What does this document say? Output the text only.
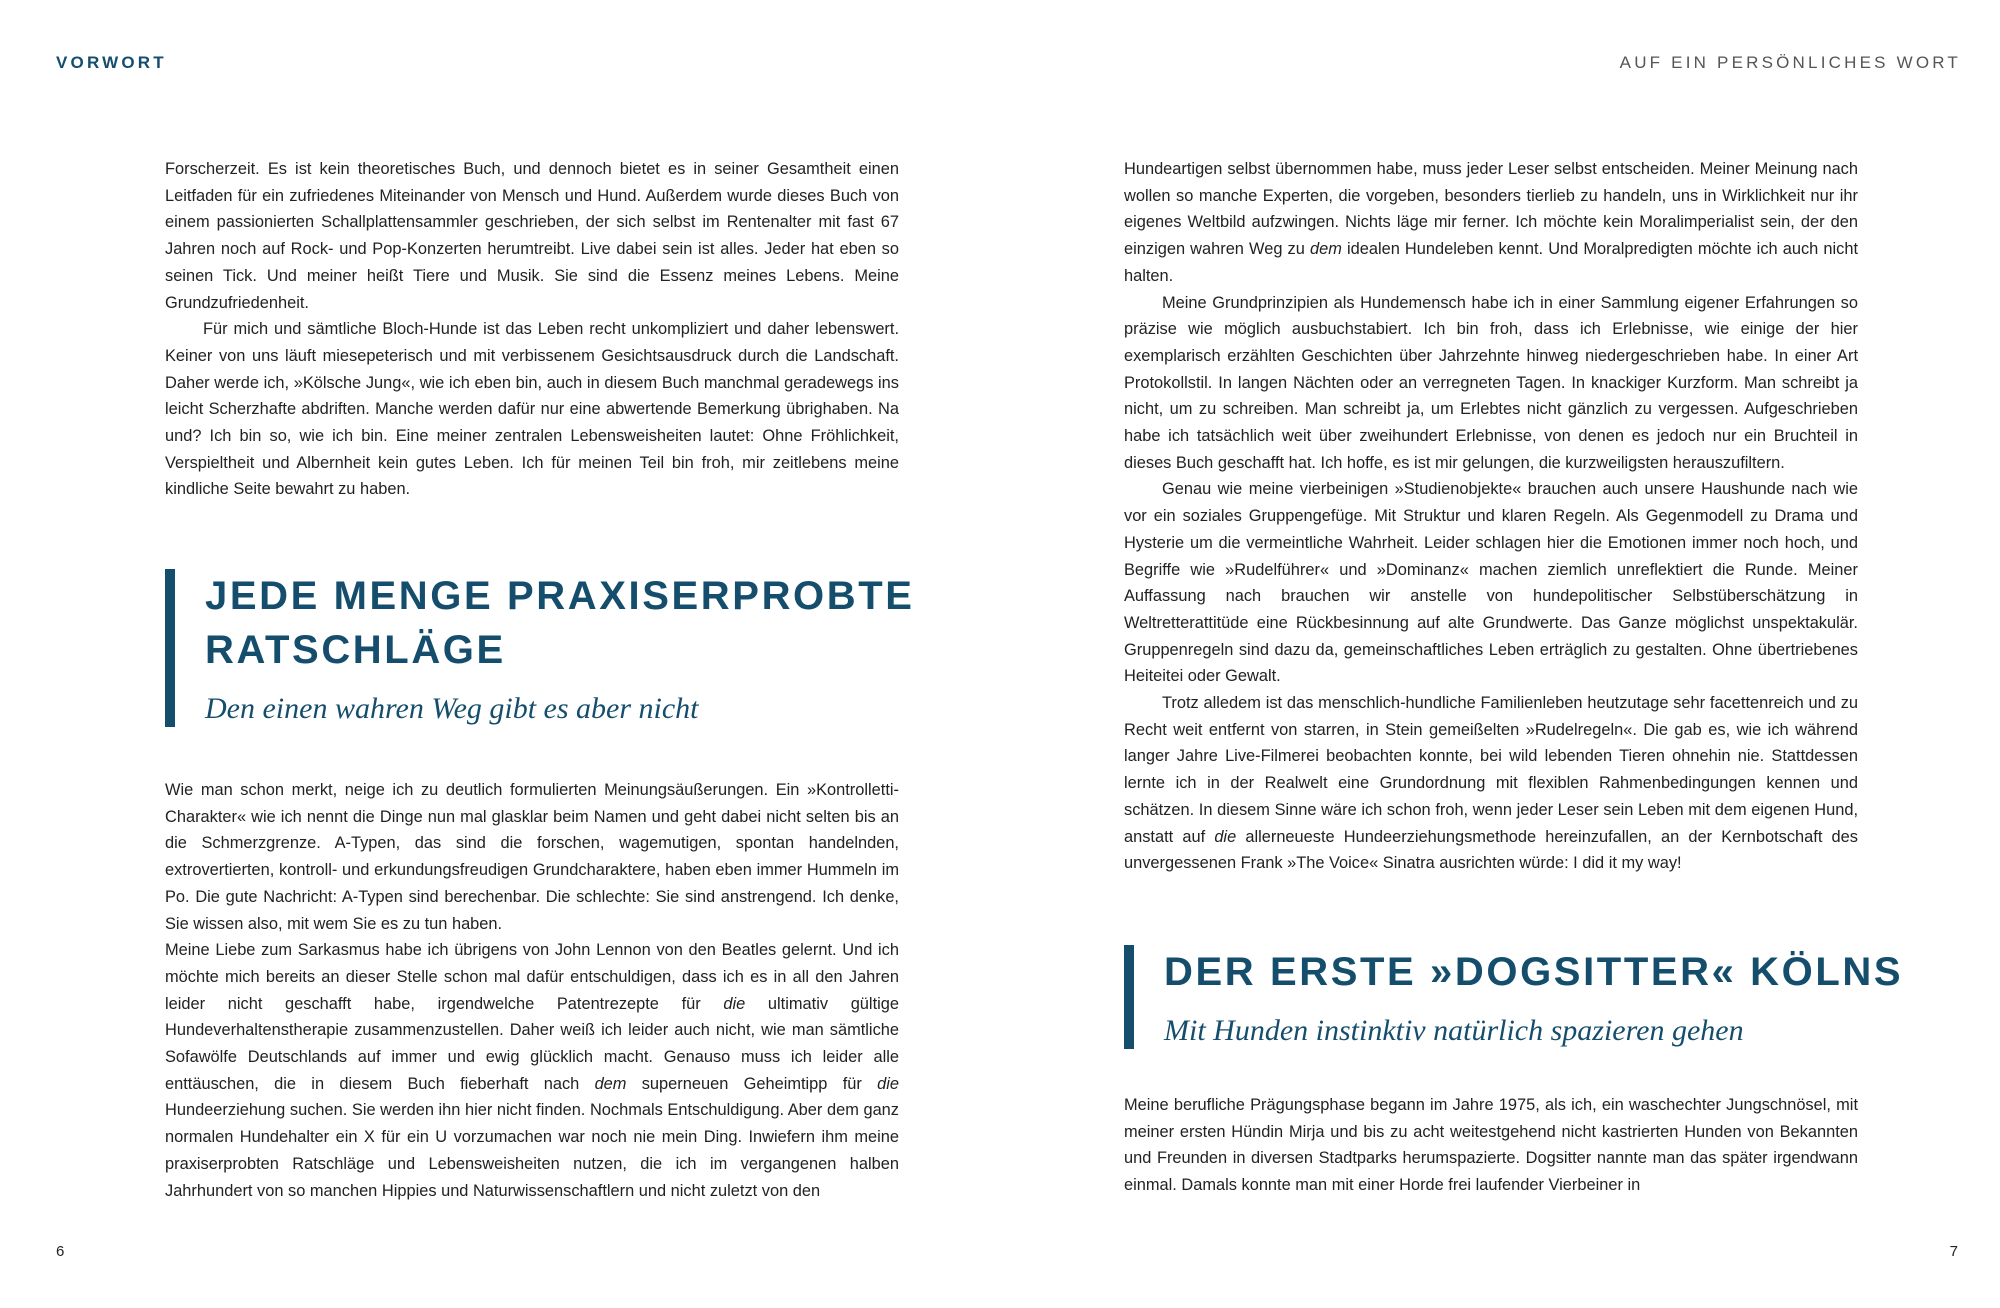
VORWORT

Forscherzeit. Es ist kein theoretisches Buch, und dennoch bietet es in seiner Gesamtheit einen Leitfaden für ein zufriedenes Miteinander von Mensch und Hund. Außerdem wurde dieses Buch von einem passionierten Schallplattensammler geschrieben, der sich selbst im Rentenalter mit fast 67 Jahren noch auf Rock- und Pop-Konzerten herumtreibt. Live dabei sein ist alles. Jeder hat eben so seinen Tick. Und meiner heißt Tiere und Musik. Sie sind die Essenz meines Lebens. Meine Grundzufriedenheit.

Für mich und sämtliche Bloch-Hunde ist das Leben recht unkompliziert und daher lebenswert. Keiner von uns läuft miesepeterisch und mit verbissenem Gesichtsausdruck durch die Landschaft. Daher werde ich, »Kölsche Jung«, wie ich eben bin, auch in diesem Buch manchmal geradewegs ins leicht Scherzhafte abdriften. Manche werden dafür nur eine abwertende Bemerkung übrighaben. Na und? Ich bin so, wie ich bin. Eine meiner zentralen Lebensweisheiten lautet: Ohne Fröhlichkeit, Verspieltheit und Albernheit kein gutes Leben. Ich für meinen Teil bin froh, mir zeitlebens meine kindliche Seite bewahrt zu haben.

JEDE MENGE PRAXISERPROBTE
RATSCHLÄGE
Den einen wahren Weg gibt es aber nicht

Wie man schon merkt, neige ich zu deutlich formulierten Meinungsäußerungen. Ein »Kontrolletti-Charakter« wie ich nennt die Dinge nun mal glasklar beim Namen und geht dabei nicht selten bis an die Schmerzgrenze. A-Typen, das sind die forschen, wagemutigen, spontan handelnden, extrovertierten, kontroll- und erkundungsfreudigen Grundcharaktere, haben eben immer Hummeln im Po. Die gute Nachricht: A-Typen sind berechenbar. Die schlechte: Sie sind anstrengend. Ich denke, Sie wissen also, mit wem Sie es zu tun haben.

Meine Liebe zum Sarkasmus habe ich übrigens von John Lennon von den Beatles gelernt. Und ich möchte mich bereits an dieser Stelle schon mal dafür entschuldigen, dass ich es in all den Jahren leider nicht geschafft habe, irgendwelche Patentrezepte für die ultimativ gültige Hundeverhaltenstherapie zusammenzustellen. Daher weiß ich leider auch nicht, wie man sämtliche Sofawölfe Deutschlands auf immer und ewig glücklich macht. Genauso muss ich leider alle enttäuschen, die in diesem Buch fieberhaft nach dem superneuen Geheimtipp für die Hundeerziehung suchen. Sie werden ihn hier nicht finden. Nochmals Entschuldigung. Aber dem ganz normalen Hundehalter ein X für ein U vorzumachen war noch nie mein Ding. Inwiefern ihm meine praxiserprobten Ratschläge und Lebensweisheiten nutzen, die ich im vergangenen halben Jahrhundert von so manchen Hippies und Naturwissenschaftlern und nicht zuletzt von den

6
AUF EIN PERSÖNLICHES WORT

Hundeartigen selbst übernommen habe, muss jeder Leser selbst entscheiden. Meiner Meinung nach wollen so manche Experten, die vorgeben, besonders tierlieb zu handeln, uns in Wirklichkeit nur ihr eigenes Weltbild aufzwingen. Nichts läge mir ferner. Ich möchte kein Moralimperialist sein, der den einzigen wahren Weg zu dem idealen Hundeleben kennt. Und Moralpredigten möchte ich auch nicht halten.

Meine Grundprinzipien als Hundemensch habe ich in einer Sammlung eigener Erfahrungen so präzise wie möglich ausbuchstabiert. Ich bin froh, dass ich Erlebnisse, wie einige der hier exemplarisch erzählten Geschichten über Jahrzehnte hinweg niedergeschrieben habe. In einer Art Protokollstil. In langen Nächten oder an verregneten Tagen. In knackiger Kurzform. Man schreibt ja nicht, um zu schreiben. Man schreibt ja, um Erlebtes nicht gänzlich zu vergessen. Aufgeschrieben habe ich tatsächlich weit über zweihundert Erlebnisse, von denen es jedoch nur ein Bruchteil in dieses Buch geschafft hat. Ich hoffe, es ist mir gelungen, die kurzweiligsten herauszufiltern.

Genau wie meine vierbeinigen »Studienobjekte« brauchen auch unsere Haushunde nach wie vor ein soziales Gruppengefüge. Mit Struktur und klaren Regeln. Als Gegenmodell zu Drama und Hysterie um die vermeintliche Wahrheit. Leider schlagen hier die Emotionen immer noch hoch, und Begriffe wie »Rudelführer« und »Dominanz« machen ziemlich unreflektiert die Runde. Meiner Auffassung nach brauchen wir anstelle von hundepolitischer Selbstüberschätzung in Weltretterattitüde eine Rückbesinnung auf alte Grundwerte. Das Ganze möglichst unspektakulär. Gruppenregeln sind dazu da, gemeinschaftliches Leben erträglich zu gestalten. Ohne übertriebenes Heiteitei oder Gewalt.

Trotz alledem ist das menschlich-hundliche Familienleben heutzutage sehr facettenreich und zu Recht weit entfernt von starren, in Stein gemeißelten »Rudelregeln«. Die gab es, wie ich während langer Jahre Live-Filmerei beobachten konnte, bei wild lebenden Tieren ohnehin nie. Stattdessen lernte ich in der Realwelt eine Grundordnung mit flexiblen Rahmenbedingungen kennen und schätzen. In diesem Sinne wäre ich schon froh, wenn jeder Leser sein Leben mit dem eigenen Hund, anstatt auf die allerneueste Hundeerziehungsmethode hereinzufallen, an der Kernbotschaft des unvergessenen Frank »The Voice« Sinatra ausrichten würde: I did it my way!

DER ERSTE »DOGSITTER« KÖLNS
Mit Hunden instinktiv natürlich spazieren gehen

Meine berufliche Prägungsphase begann im Jahre 1975, als ich, ein waschechter Jungschnösel, mit meiner ersten Hündin Mirja und bis zu acht weitestgehend nicht kastrierten Hunden von Bekannten und Freunden in diversen Stadtparks herumspazierte. Dogsitter nannte man das später irgendwann einmal. Damals konnte man mit einer Horde frei laufender Vierbeiner in

7
